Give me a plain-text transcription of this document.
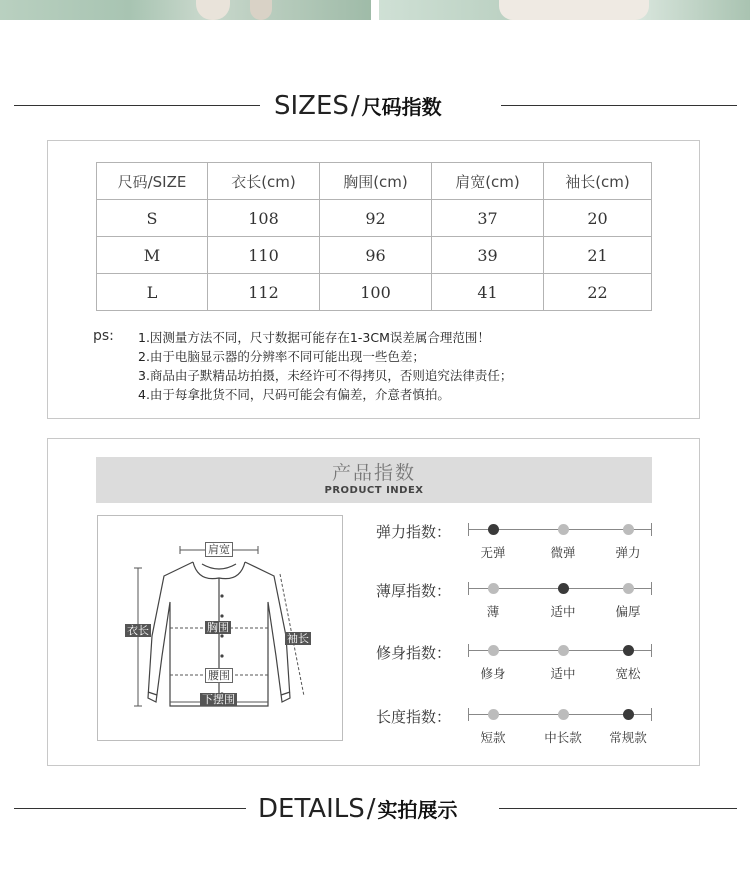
SIZES/ 尺码指数
尺码/SIZE	衣长(cm)	胸围(cm)	肩宽(cm)	袖长(cm)
S	108	92	37	20
M	110	96	39	21
L	112	100	41	22
ps: 1.因测量方法不同，尺寸数据可能存在1-3CM误差属合理范围！
2.由于电脑显示器的分辨率不同可能出现一些色差；
3.商品由子默精品坊拍摄，未经许可不得拷贝，否则追究法律责任；
4.由于每拿批货不同，尺码可能会有偏差，介意者慎拍。
产品指数
PRODUCT INDEX
肩宽
衣长	胸围
袖长
腰围
下摆围
弹力指数：
无弹	微弹	弹力
薄厚指数：
薄	适中	偏厚
修身指数：
修身	适中	宽松
长度指数：
短款	中长款 常规款
DETAILS/ 实拍展示
